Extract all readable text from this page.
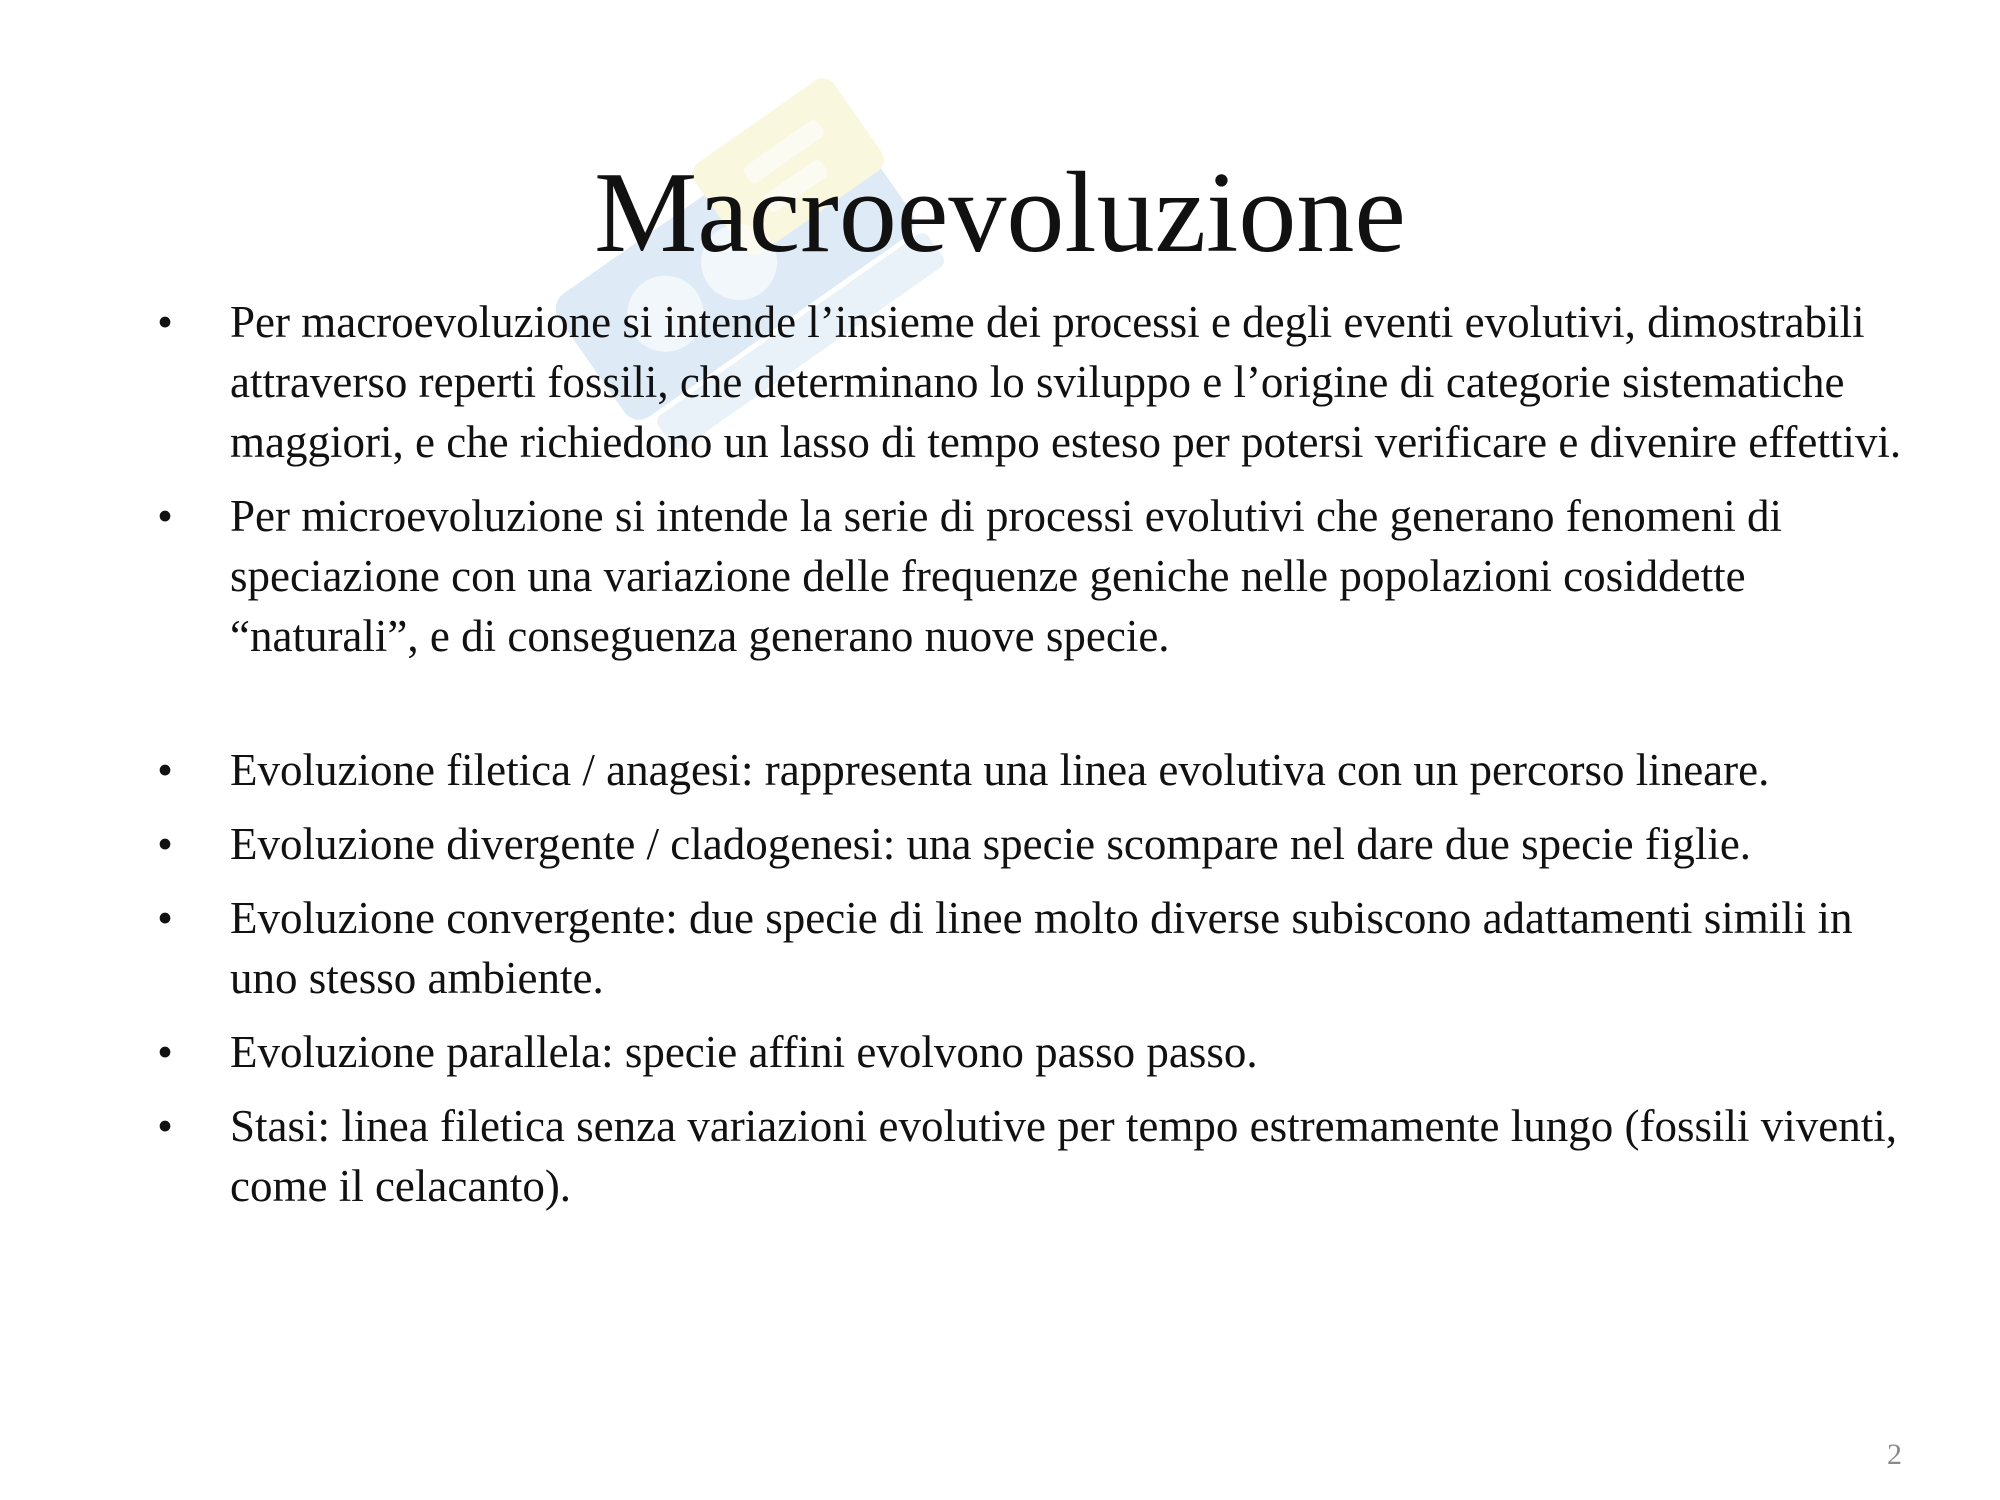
Macroevoluzione
• Per macroevoluzione si intende l’insieme dei processi e degli eventi evolutivi, dimostrabili attraverso reperti fossili, che determinano lo sviluppo e l’origine di categorie sistematiche maggiori, e che richiedono un lasso di tempo esteso per potersi verificare e divenire effettivi.
• Per microevoluzione si intende la serie di processi evolutivi che generano fenomeni di speciazione con una variazione delle frequenze geniche nelle popolazioni cosiddette “naturali”, e di conseguenza generano nuove specie.
• Evoluzione filetica / anagesi: rappresenta una linea evolutiva con un percorso lineare.
• Evoluzione divergente / cladogenesi: una specie scompare nel dare due specie figlie.
• Evoluzione convergente: due specie di linee molto diverse subiscono adattamenti simili in uno stesso ambiente.
• Evoluzione parallela: specie affini evolvono passo passo.
• Stasi: linea filetica senza variazioni evolutive per tempo estremamente lungo (fossili viventi, come il celacanto).
2
